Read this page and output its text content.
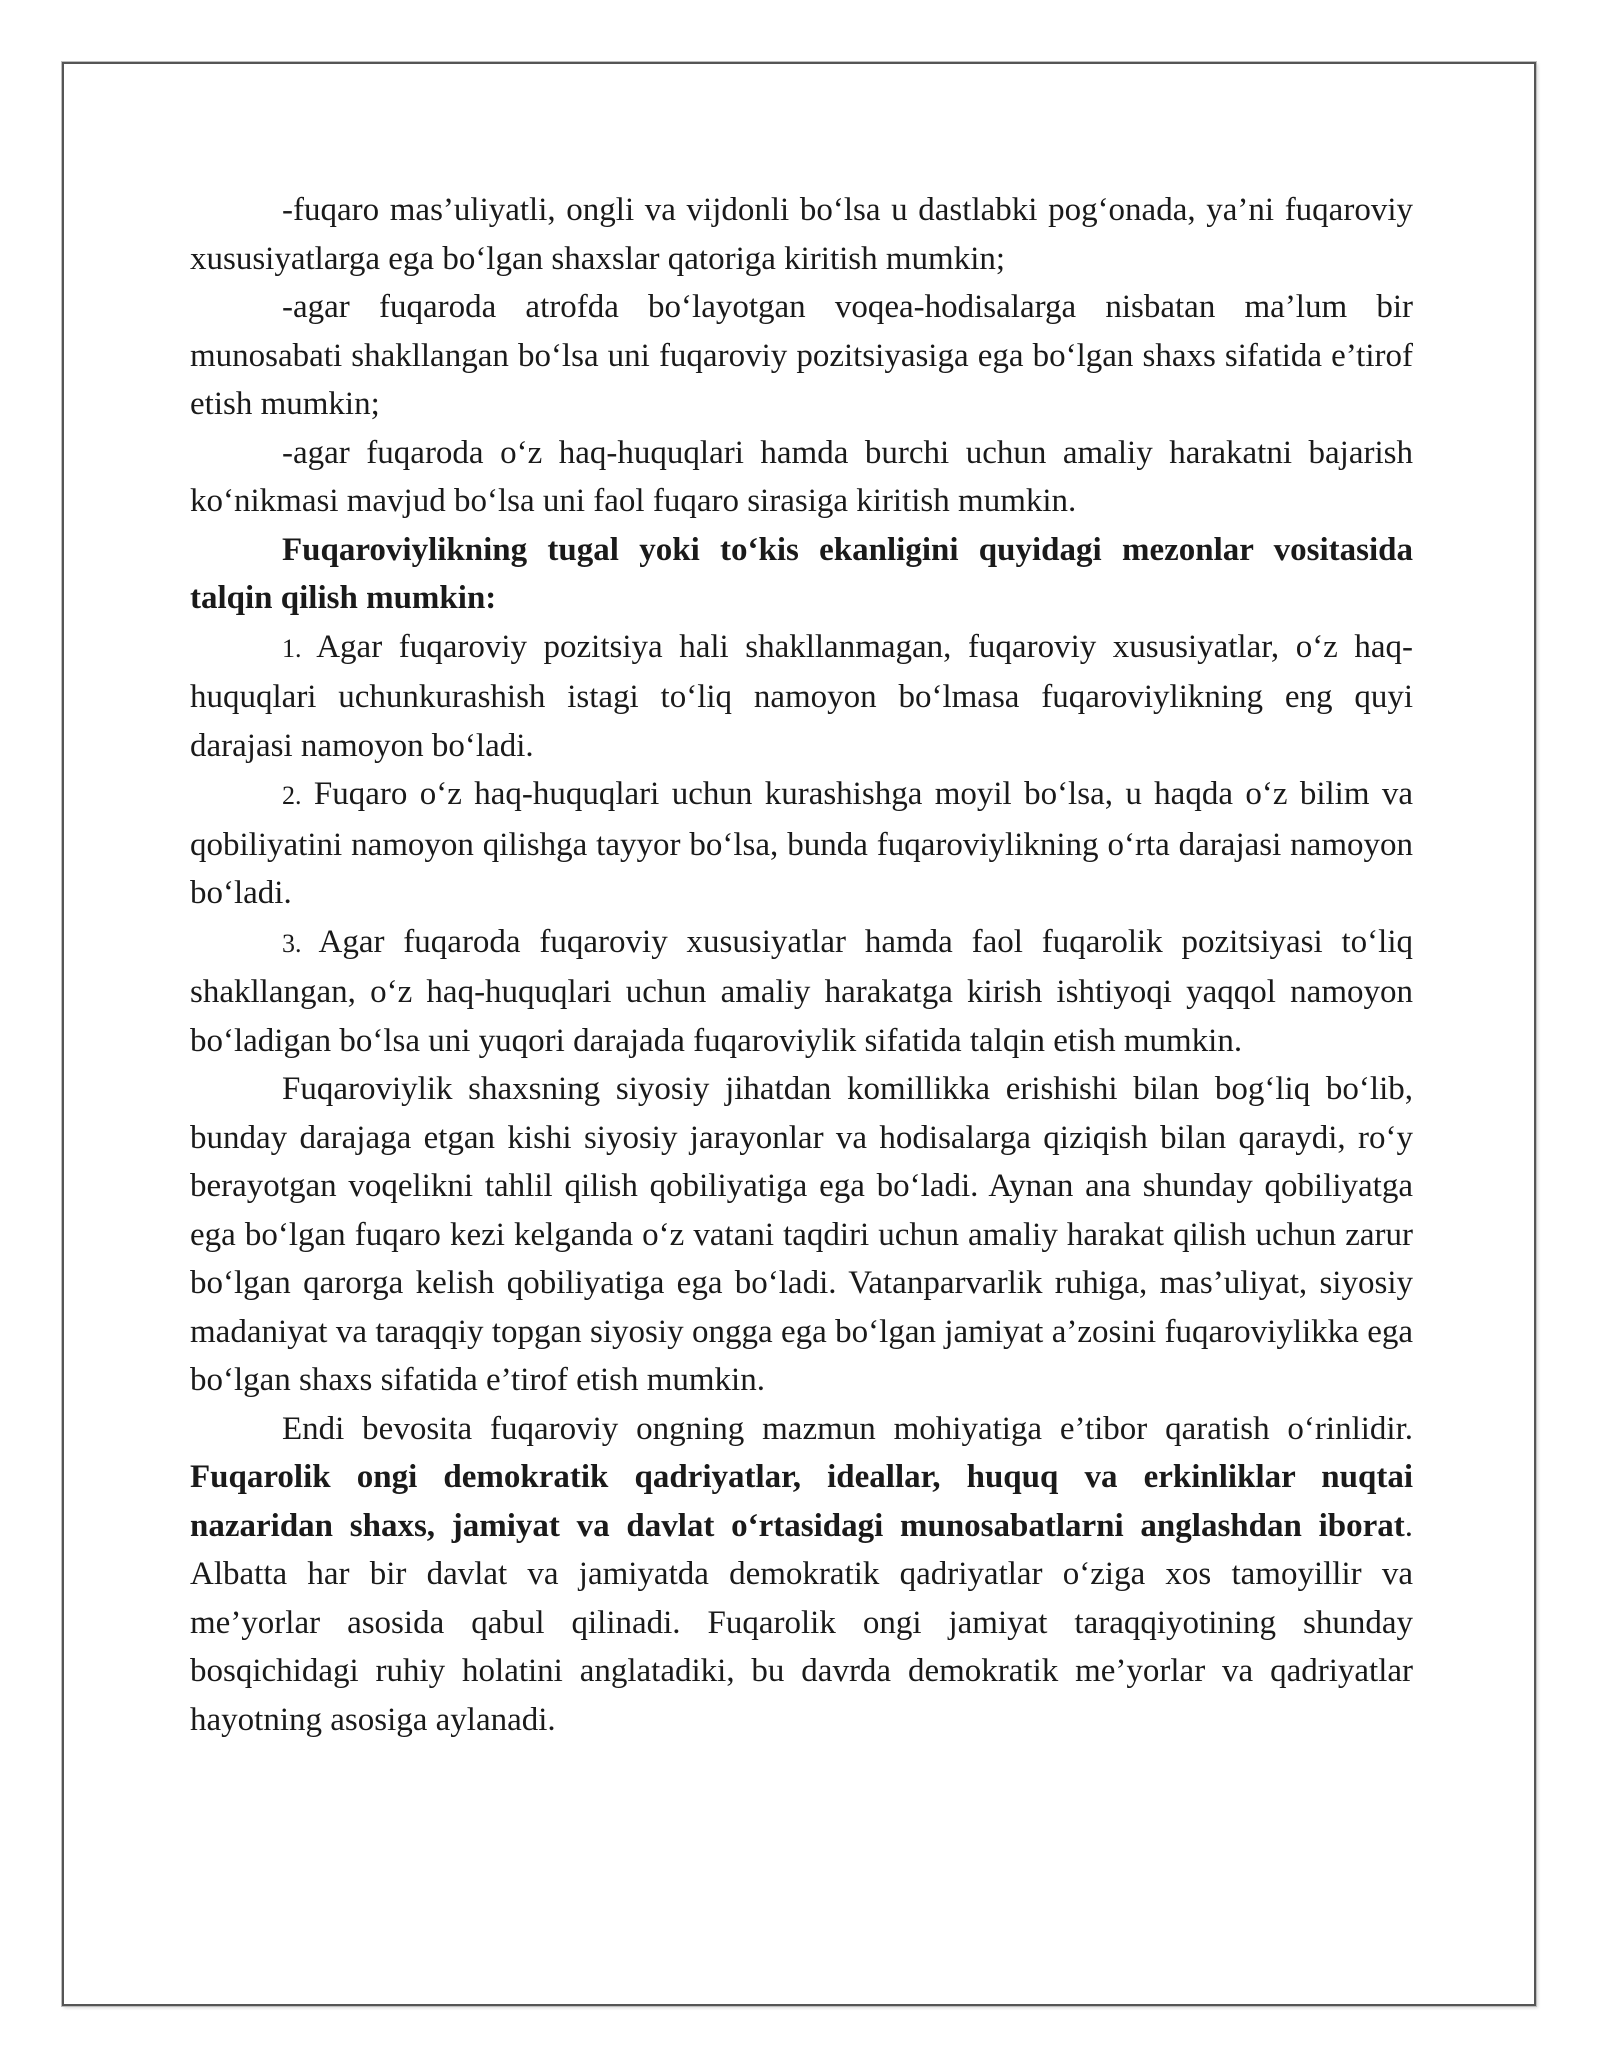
-fuqaro mas’uliyatli, ongli va vijdonli bo‘lsa u dastlabki pog‘onada, ya’ni fuqaroviy xususiyatlarga ega bo‘lgan shaxslar qatoriga kiritish mumkin;

-agar fuqaroda atrofda bo‘layotgan voqea-hodisalarga nisbatan ma’lum bir munosabati shakllangan bo‘lsa uni fuqaroviy pozitsiyasiga ega bo‘lgan shaxs sifatida e’tirof etish mumkin;

-agar fuqaroda o‘z haq-huquqlari hamda burchi uchun amaliy harakatni bajarish ko‘nikmasi mavjud bo‘lsa uni faol fuqaro sirasiga kiritish mumkin.

Fuqaroviylikning tugal yoki to‘kis ekanligini quyidagi mezonlar vositasida talqin qilish mumkin:

1. Agar fuqaroviy pozitsiya hali shakllanmagan, fuqaroviy xususiyatlar, o‘z haq-huquqlari uchunkurashish istagi to‘liq namoyon bo‘lmasa fuqaroviylikning eng quyi darajasi namoyon bo‘ladi.

2. Fuqaro o‘z haq-huquqlari uchun kurashishga moyil bo‘lsa, u haqda o‘z bilim va qobiliyatini namoyon qilishga tayyor bo‘lsa, bunda fuqaroviylikning o‘rta darajasi namoyon bo‘ladi.

3. Agar fuqaroda fuqaroviy xususiyatlar hamda faol fuqarolik pozitsiyasi to‘liq shakllangan, o‘z haq-huquqlari uchun amaliy harakatga kirish ishtiyoqi yaqqol namoyon bo‘ladigan bo‘lsa uni yuqori darajada fuqaroviylik sifatida talqin etish mumkin.

Fuqaroviylik shaxsning siyosiy jihatdan komillikka erishishi bilan bog‘liq bo‘lib, bunday darajaga etgan kishi siyosiy jarayonlar va hodisalarga qiziqish bilan qaraydi, ro‘y berayotgan voqelikni tahlil qilish qobiliyatiga ega bo‘ladi. Aynan ana shunday qobiliyatga ega bo‘lgan fuqaro kezi kelganda o‘z vatani taqdiri uchun amaliy harakat qilish uchun zarur bo‘lgan qarorga kelish qobiliyatiga ega bo‘ladi. Vatanparvarlik ruhiga, mas’uliyat, siyosiy madaniyat va taraqqiy topgan siyosiy ongga ega bo‘lgan jamiyat a’zosini fuqaroviylikka ega bo‘lgan shaxs sifatida e’tirof etish mumkin.

Endi bevosita fuqaroviy ongning mazmun mohiyatiga e’tibor qaratish o‘rinlidir. Fuqarolik ongi demokratik qadriyatlar, ideallar, huquq va erkinliklar nuqtai nazaridan shaxs, jamiyat va davlat o‘rtasidagi munosabatlarni anglashdan iborat. Albatta har bir davlat va jamiyatda demokratik qadriyatlar o‘ziga xos tamoyillir va me’yorlar asosida qabul qilinadi. Fuqarolik ongi jamiyat taraqqiyotining shunday bosqichidagi ruhiy holatini anglatadiki, bu davrda demokratik me’yorlar va qadriyatlar hayotning asosiga aylanadi.
